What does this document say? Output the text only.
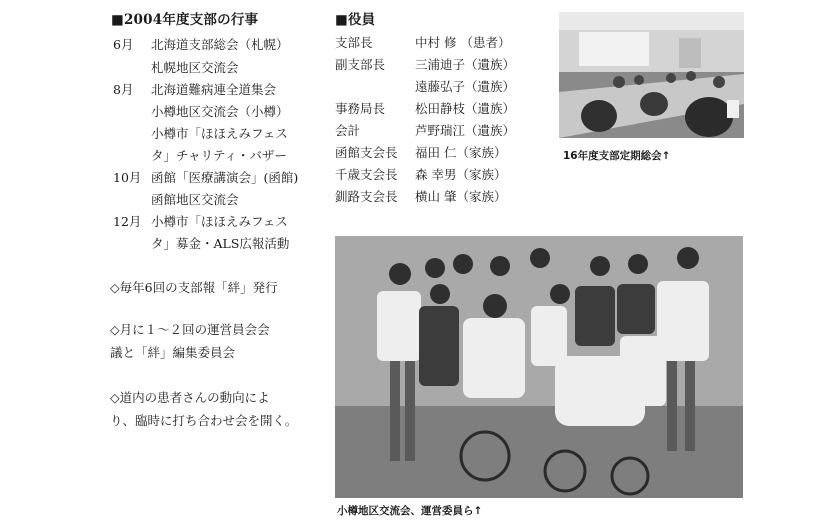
■2004年度支部の行事
6月 北海道支部総会（札幌）
札幌地区交流会
8月 北海道難病連全道集会
小樽地区交流会（小樽）
小樽市「ほほえみフェス
タ」チャリティ・バザー
10月 函館「医療講演会」(函館)
函館地区交流会
12月 小樽市「ほほえみフェス
タ」募金・ALS広報活動
◇毎年6回の支部報「絆」発行
◇月に１～２回の運営員会会
議と「絆」編集委員会
◇道内の患者さんの動向によ
り、臨時に打ち合わせ会を開く。
■役員
支部長	中村 修 （患者）
副支部長 三浦迪子（遺族）
遠藤弘子（遺族）
事務局長 松田静枝（遺族）
会計	芦野瑞江（遺族）
函館支会長 福田 仁（家族）
千歳支会長 森 幸男（家族）
釧路支会長 横山 肇（家族）
16年度支部定期総会↑
小樽地区交流会、運営委員ら↑
